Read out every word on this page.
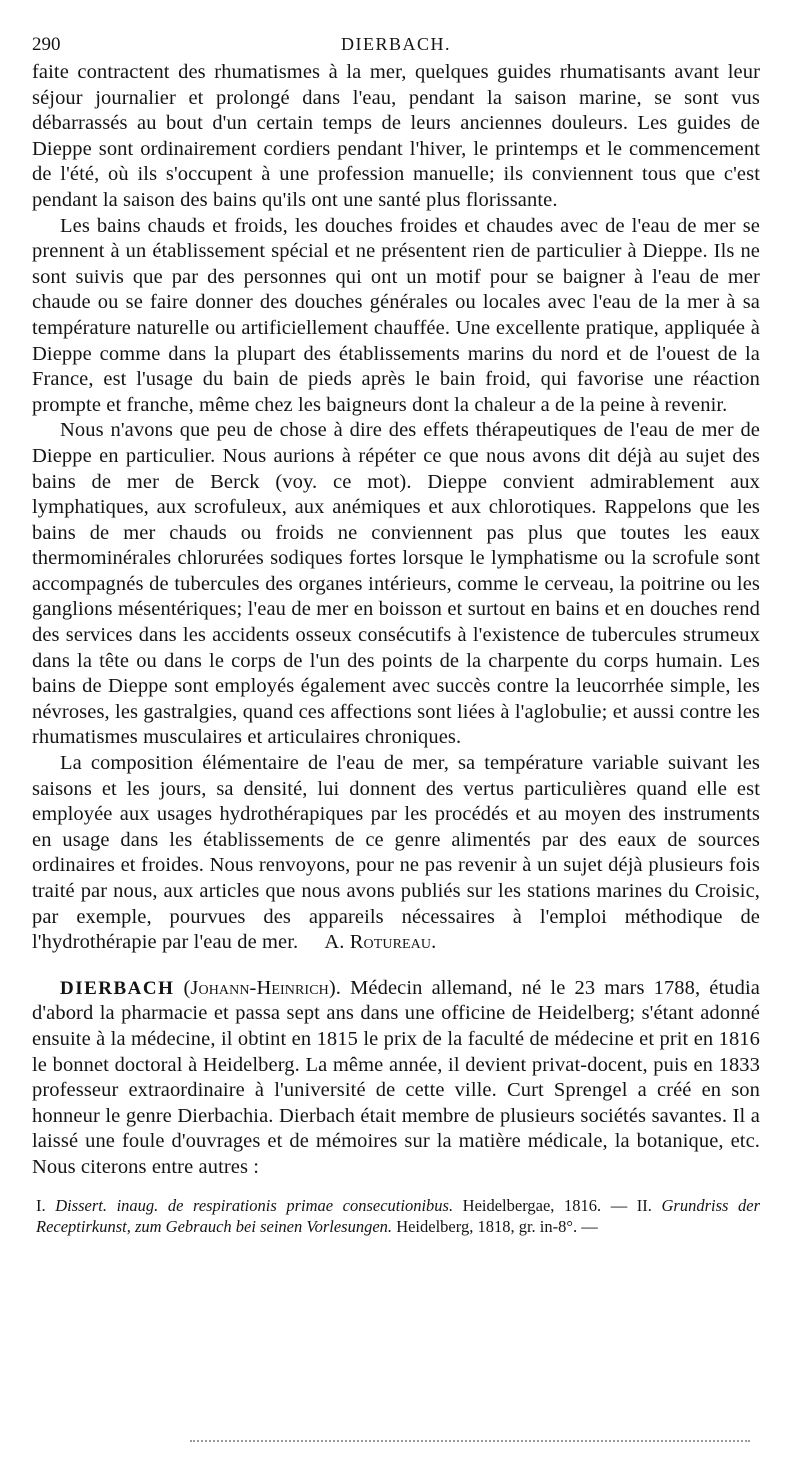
290	DIERBACH.

faite contractent des rhumatismes à la mer, quelques guides rhumatisants avant leur séjour journalier et prolongé dans l'eau, pendant la saison marine, se sont vus débarrassés au bout d'un certain temps de leurs anciennes douleurs. Les guides de Dieppe sont ordinairement cordiers pendant l'hiver, le printemps et le commencement de l'été, où ils s'occupent à une profession manuelle; ils conviennent tous que c'est pendant la saison des bains qu'ils ont une santé plus florissante.

Les bains chauds et froids, les douches froides et chaudes avec de l'eau de mer se prennent à un établissement spécial et ne présentent rien de particulier à Dieppe. Ils ne sont suivis que par des personnes qui ont un motif pour se baigner à l'eau de mer chaude ou se faire donner des douches générales ou locales avec l'eau de la mer à sa température naturelle ou artificiellement chauffée. Une excellente pratique, appliquée à Dieppe comme dans la plupart des établissements marins du nord et de l'ouest de la France, est l'usage du bain de pieds après le bain froid, qui favorise une réaction prompte et franche, même chez les baigneurs dont la chaleur a de la peine à revenir.

Nous n'avons que peu de chose à dire des effets thérapeutiques de l'eau de mer de Dieppe en particulier. Nous aurions à répéter ce que nous avons dit déjà au sujet des bains de mer de Berck (voy. ce mot). Dieppe convient admirablement aux lymphatiques, aux scrofuleux, aux anémiques et aux chlorotiques. Rappelons que les bains de mer chauds ou froids ne conviennent pas plus que toutes les eaux thermominérales chlorurées sodiques fortes lorsque le lymphatisme ou la scrofule sont accompagnés de tubercules des organes intérieurs, comme le cerveau, la poitrine ou les ganglions mésentériques; l'eau de mer en boisson et surtout en bains et en douches rend des services dans les accidents osseux consécutifs à l'existence de tubercules strumeux dans la tête ou dans le corps de l'un des points de la charpente du corps humain. Les bains de Dieppe sont employés également avec succès contre la leucorrhée simple, les névroses, les gastralgies, quand ces affections sont liées à l'aglobulie; et aussi contre les rhumatismes musculaires et articulaires chroniques.

La composition élémentaire de l'eau de mer, sa température variable suivant les saisons et les jours, sa densité, lui donnent des vertus particulières quand elle est employée aux usages hydrothérapiques par les procédés et au moyen des instruments en usage dans les établissements de ce genre alimentés par des eaux de sources ordinaires et froides. Nous renvoyons, pour ne pas revenir à un sujet déjà plusieurs fois traité par nous, aux articles que nous avons publiés sur les stations marines du Croisic, par exemple, pourvues des appareils nécessaires à l'emploi méthodique de l'hydrothérapie par l'eau de mer. A. Rotureau.

DIERBACH (Johann-Heinrich). Médecin allemand, né le 23 mars 1788, étudia d'abord la pharmacie et passa sept ans dans une officine de Heidelberg; s'étant adonné ensuite à la médecine, il obtint en 1815 le prix de la faculté de médecine et prit en 1816 le bonnet doctoral à Heidelberg. La même année, il devient privat-docent, puis en 1833 professeur extraordinaire à l'université de cette ville. Curt Sprengel a créé en son honneur le genre Dierbachia. Dierbach était membre de plusieurs sociétés savantes. Il a laissé une foule d'ouvrages et de mémoires sur la matière médicale, la botanique, etc. Nous citerons entre autres :

I. Dissert. inaug. de respirationis primae consecutionibus. Heidelbergae, 1816. — II. Grundriss der Receptirkunst, zum Gebrauch bei seinen Vorlesungen. Heidelberg, 1818, gr. in-8°. —
